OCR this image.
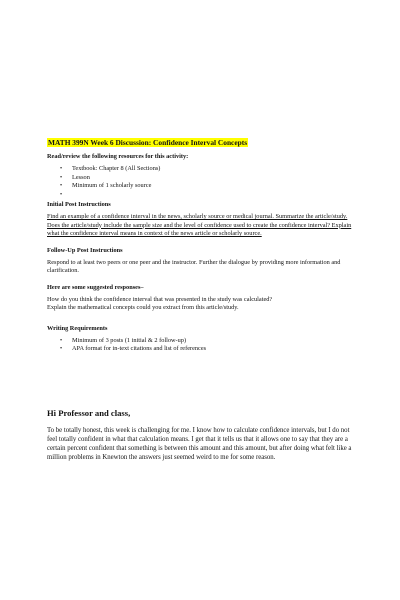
MATH 399N Week 6 Discussion: Confidence Interval Concepts
Read/review the following resources for this activity:
• Textbook: Chapter 8 (All Sections)
• Lesson
• Minimum of 1 scholarly source
•
Initial Post Instructions
Find an example of a confidence interval in the news, scholarly source or medical journal. Summarize the article/study. Does the article/study include the sample size and the level of confidence used to create the confidence interval? Explain what the confidence interval means in context of the news article or scholarly source.
Follow-Up Post Instructions
Respond to at least two peers or one peer and the instructor. Further the dialogue by providing more information and clarification.
Here are some suggested responses–
How do you think the confidence interval that was presented in the study was calculated?
Explain the mathematical concepts could you extract from this article/study.
Writing Requirements
• Minimum of 3 posts (1 initial & 2 follow-up)
• APA format for in-text citations and list of references
Hi Professor and class,
To be totally honest, this week is challenging for me. I know how to calculate confidence intervals, but I do not feel totally confident in what that calculation means. I get that it tells us that it allows one to say that they are a certain percent confident that something is between this amount and this amount, but after doing what felt like a million problems in Knewton the answers just seemed weird to me for some reason.
